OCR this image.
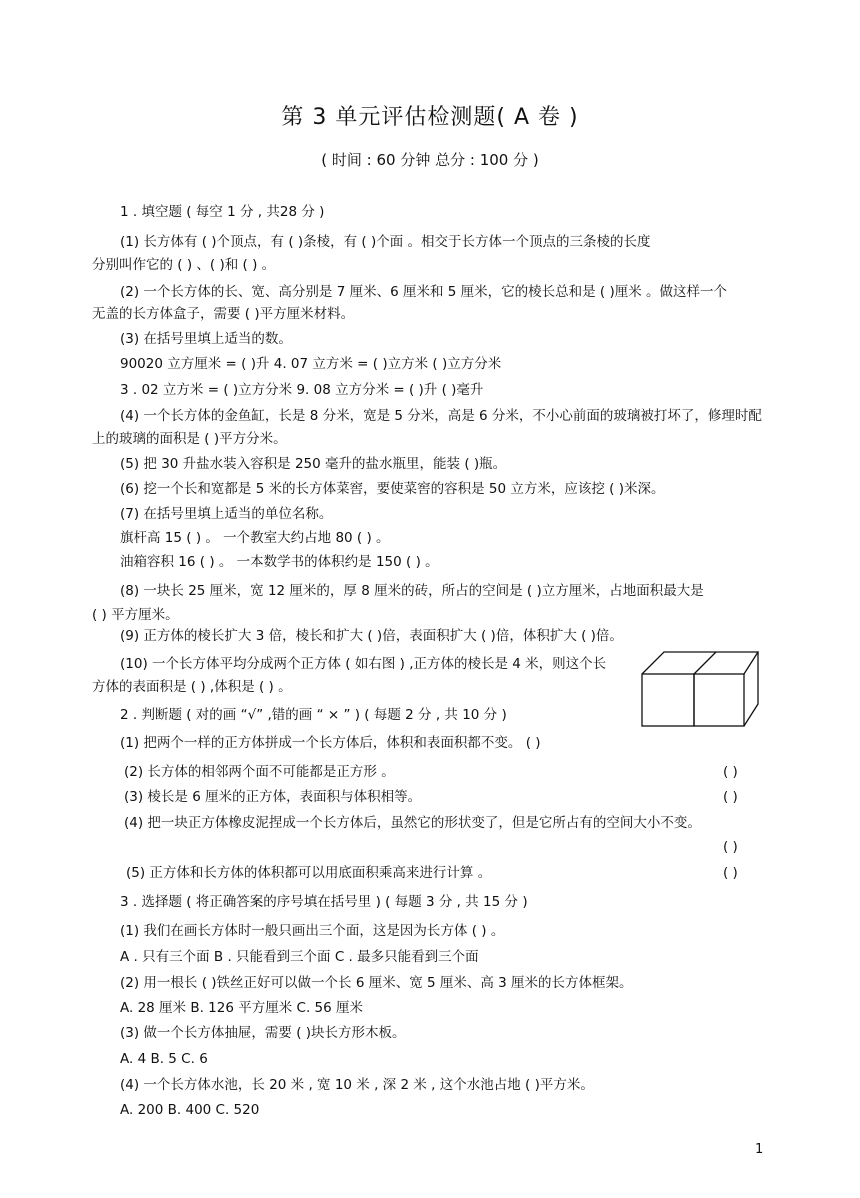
第 3 单元评估检测题( A 卷 )
( 时间 : 60 分钟 总分 : 100 分 )
1 . 填空题 ( 每空 1 分 , 共28 分 )
(1) 长方体有 ( )个顶点，有 ( )条棱，有 ( )个面 。相交于长方体一个顶点的三条棱的长度
分别叫作它的 ( ) 、( )和 ( ) 。
(2) 一个长方体的长、宽、高分别是 7 厘米、6 厘米和 5 厘米，它的棱长总和是 ( )厘米 。做这样一个
无盖的长方体盒子，需要 ( )平方厘米材料。
(3) 在括号里填上适当的数。
90020 立方厘米 = ( )升 4. 07 立方米 = ( )立方米 ( )立方分米
3 . 02 立方米 = ( )立方分米 9. 08 立方分米 = ( )升 ( )毫升
(4) 一个长方体的金鱼缸，长是 8 分米，宽是 5 分米，高是 6 分米，不小心前面的玻璃被打坏了，修理时配
上的玻璃的面积是 ( )平方分米。
(5) 把 30 升盐水装入容积是 250 毫升的盐水瓶里，能装 ( )瓶。
(6) 挖一个长和宽都是 5 米的长方体菜窖，要使菜窖的容积是 50 立方米，应该挖 ( )米深。
(7) 在括号里填上适当的单位名称。
旗杆高 15 ( ) 。 一个教室大约占地 80 ( ) 。
油箱容积 16 ( ) 。 一本数学书的体积约是 150 ( ) 。
(8) 一块长 25 厘米，宽 12 厘米的，厚 8 厘米的砖，所占的空间是 ( )立方厘米，占地面积最大是
( ) 平方厘米。
(9) 正方体的棱长扩大 3 倍，棱长和扩大 ( )倍，表面积扩大 ( )倍，体积扩大 ( )倍。
(10) 一个长方体平均分成两个正方体 ( 如右图 ) ,正方体的棱长是 4 米，则这个长
方体的表面积是 ( ) ,体积是 ( ) 。
2 . 判断题 ( 对的画 “√” ,错的画 “ × ” ) ( 每题 2 分 , 共 10 分 )
(1) 把两个一样的正方体拼成一个长方体后，体积和表面积都不变。 ( )
(2) 长方体的相邻两个面不可能都是正方形 。	( )
(3) 棱长是 6 厘米的正方体，表面积与体积相等。	( )
(4) 把一块正方体橡皮泥捏成一个长方体后，虽然它的形状变了，但是它所占有的空间大小不变。
( )
(5) 正方体和长方体的体积都可以用底面积乘高来进行计算 。	( )
3 . 选择题 ( 将正确答案的序号填在括号里 ) ( 每题 3 分 , 共 15 分 )
(1) 我们在画长方体时一般只画出三个面，这是因为长方体 ( ) 。
A . 只有三个面 B . 只能看到三个面 C . 最多只能看到三个面
(2) 用一根长 ( )铁丝正好可以做一个长 6 厘米、宽 5 厘米、高 3 厘米的长方体框架。
A. 28 厘米 B. 126 平方厘米 C. 56 厘米
(3) 做一个长方体抽屉，需要 ( )块长方形木板。
A. 4 B. 5 C. 6
(4) 一个长方体水池，长 20 米 , 宽 10 米 , 深 2 米 , 这个水池占地 ( )平方米。
A. 200 B. 400 C. 520
1
